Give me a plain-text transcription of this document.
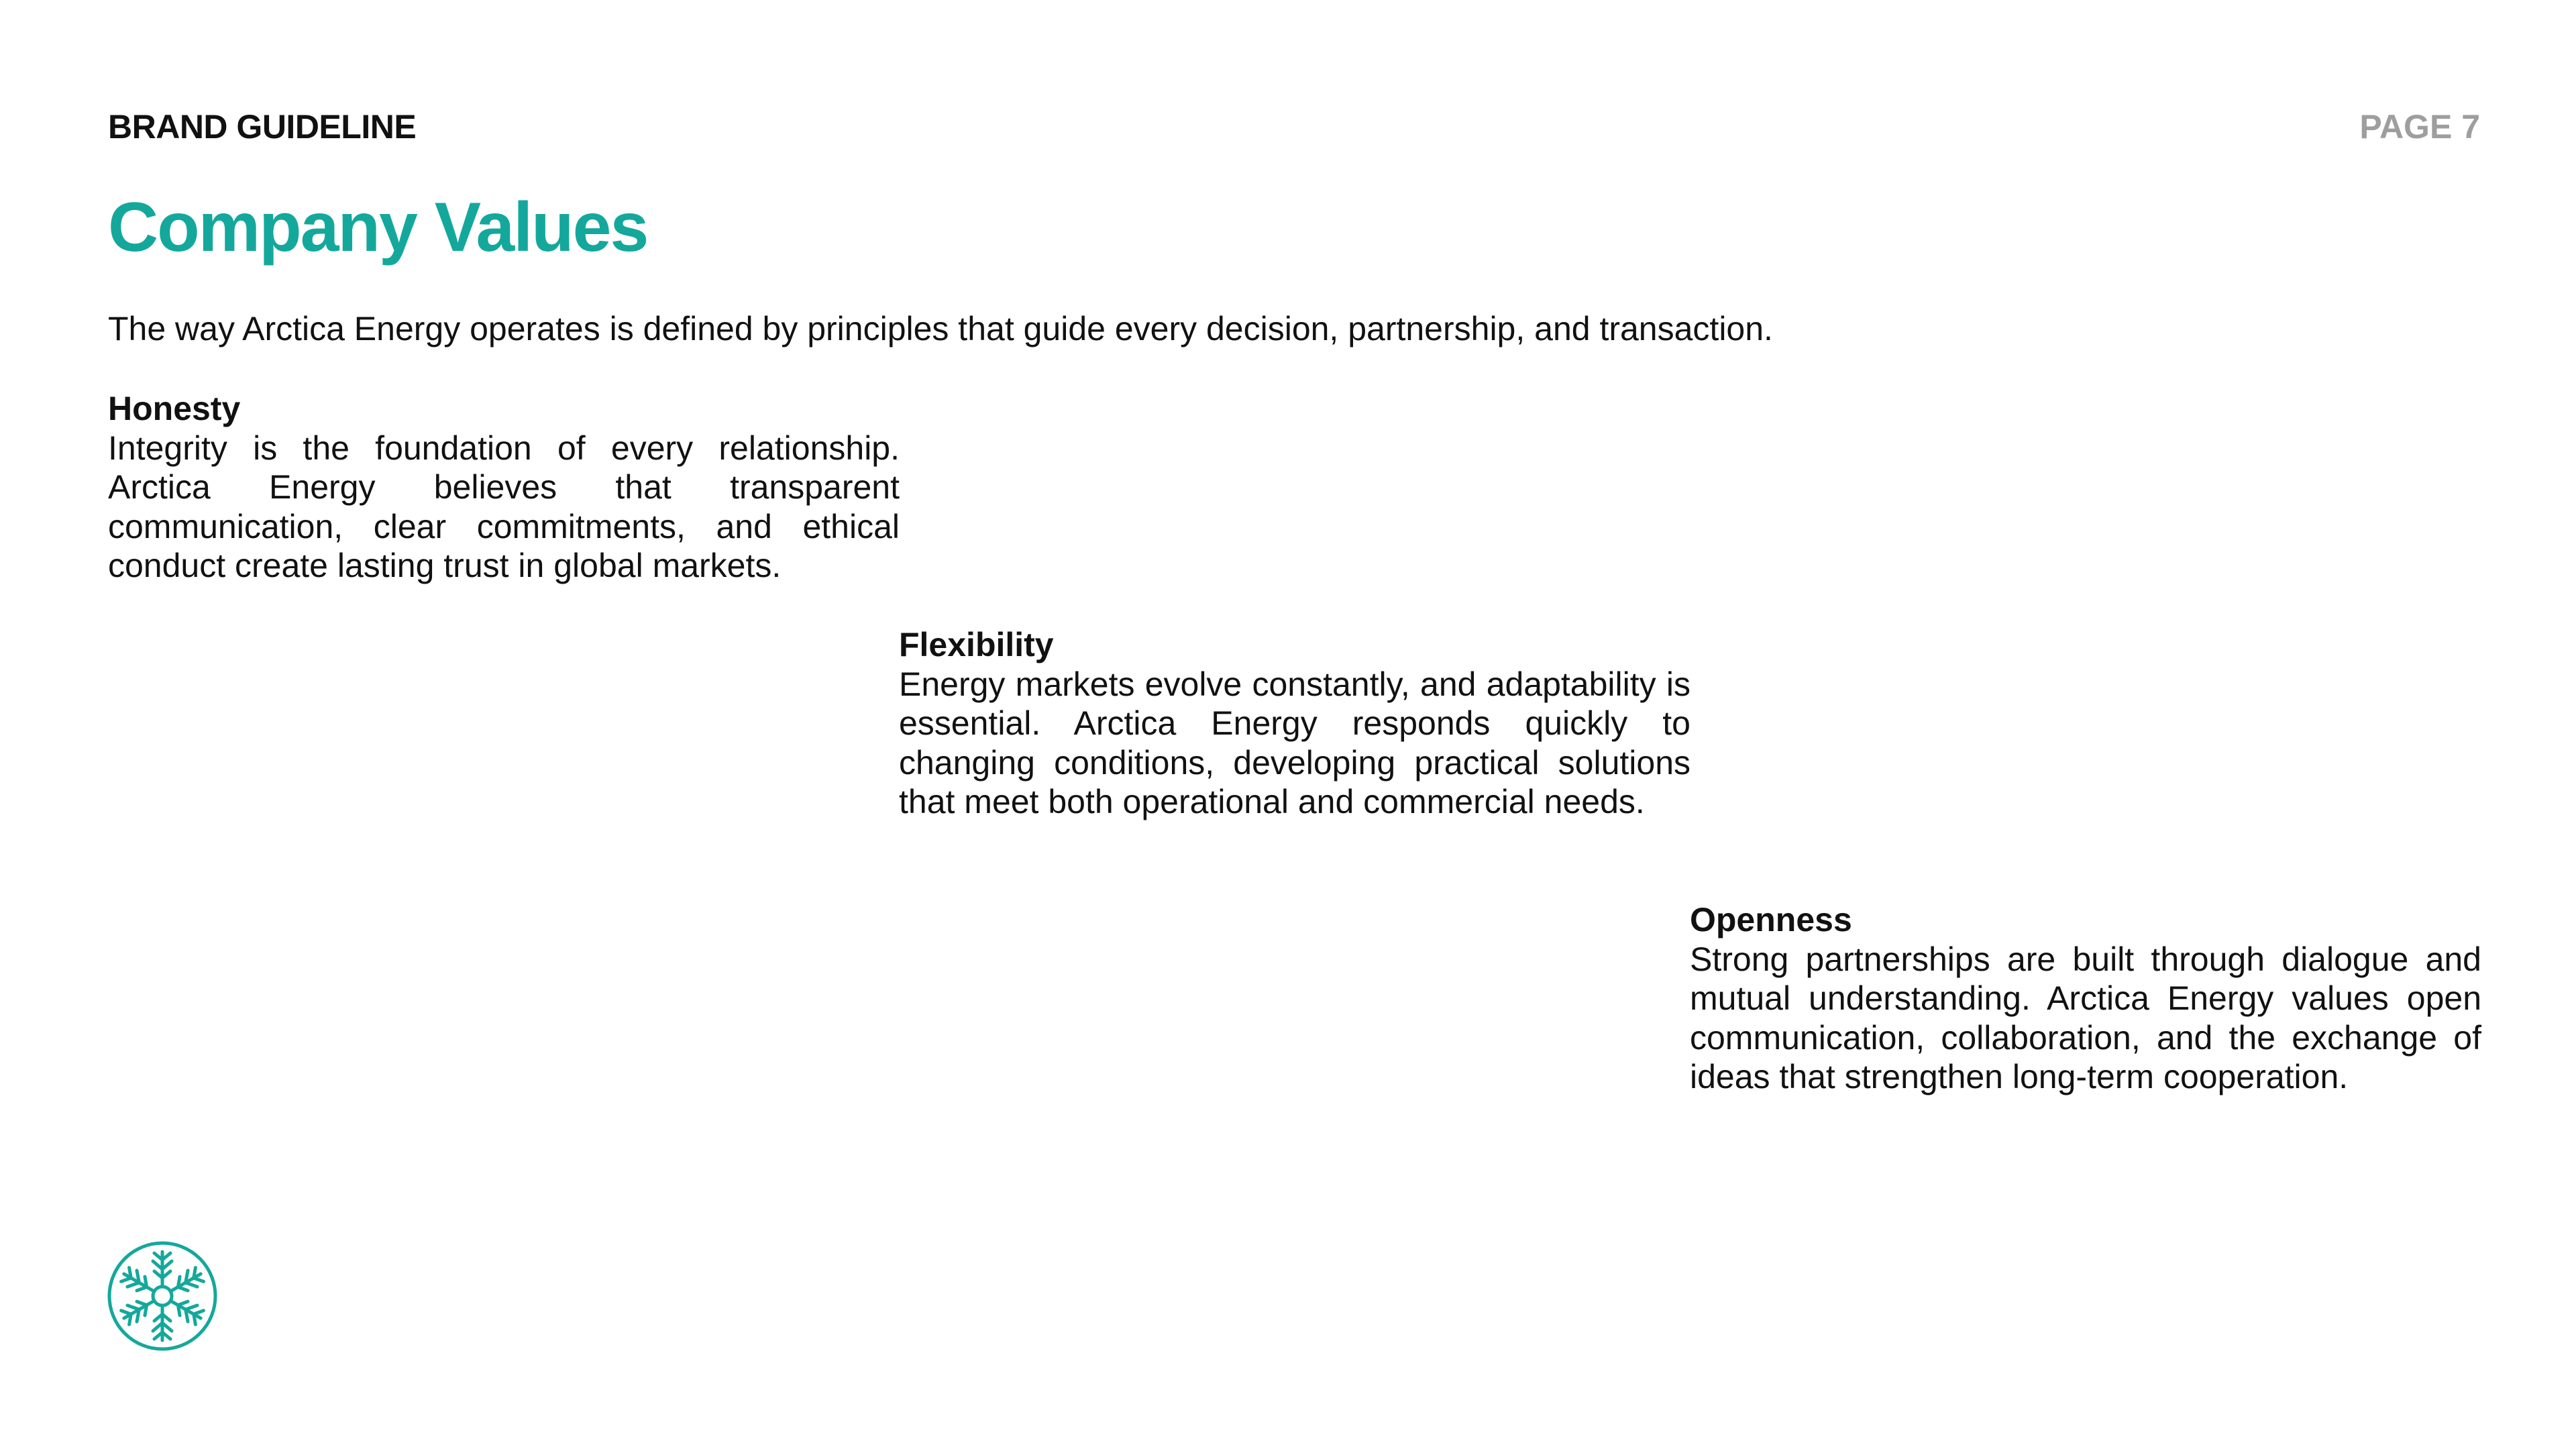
BRAND GUIDELINE	PAGE 7
Company Values

The way Arctica Energy operates is defined by principles that guide every decision, partnership, and transaction.

Honesty
Integrity is the foundation of every relationship. Arctica Energy believes that transparent communication, clear commitments, and ethical conduct create lasting trust in global markets.
Flexibility
Energy markets evolve constantly, and adaptability is essential. Arctica Energy responds quickly to changing conditions, developing practical solutions that meet both operational and commercial needs.
Openness
Strong partnerships are built through dialogue and mutual understanding. Arctica Energy values open communication, collaboration, and the exchange of ideas that strengthen long-term cooperation.
